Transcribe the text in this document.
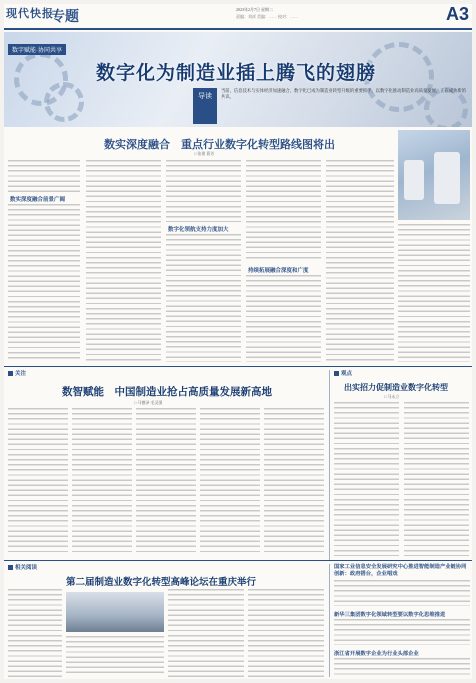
现代快报
专题
2023年2月7日 星期二
责编：刘祥 美编：…… 校对：……	A3
数字赋能·协同共享
数字化为制造业插上腾飞的翅膀
导读
当前，信息技术与实体经济加速融合，数字化已成为制造业转型升级的重要抓手，以数字化推动制造业高质量发展，正在成为新的共识。
数实深度融合　重点行业数字化转型路线图将出
□ 张建 葛芳
数实深度融合前景广阔
数字化领航支持力度加大
持续拓展融合深度和广度
关注
数智赋能　中国制造业抢占高质量发展新高地
□ 马德泽 毛灵强
观点
出实招力促制造业数字化转型
□ 马永立
相关阅读
第二届制造业数字化转型高峰论坛在重庆举行
国家工业信息安全发展研究中心推进智能制造产业链协同创新：政府搭台，企业唱戏
新华三集团数字化领域转型要以数字化思维推进
浙江省开展数字企业为行业头部企业
